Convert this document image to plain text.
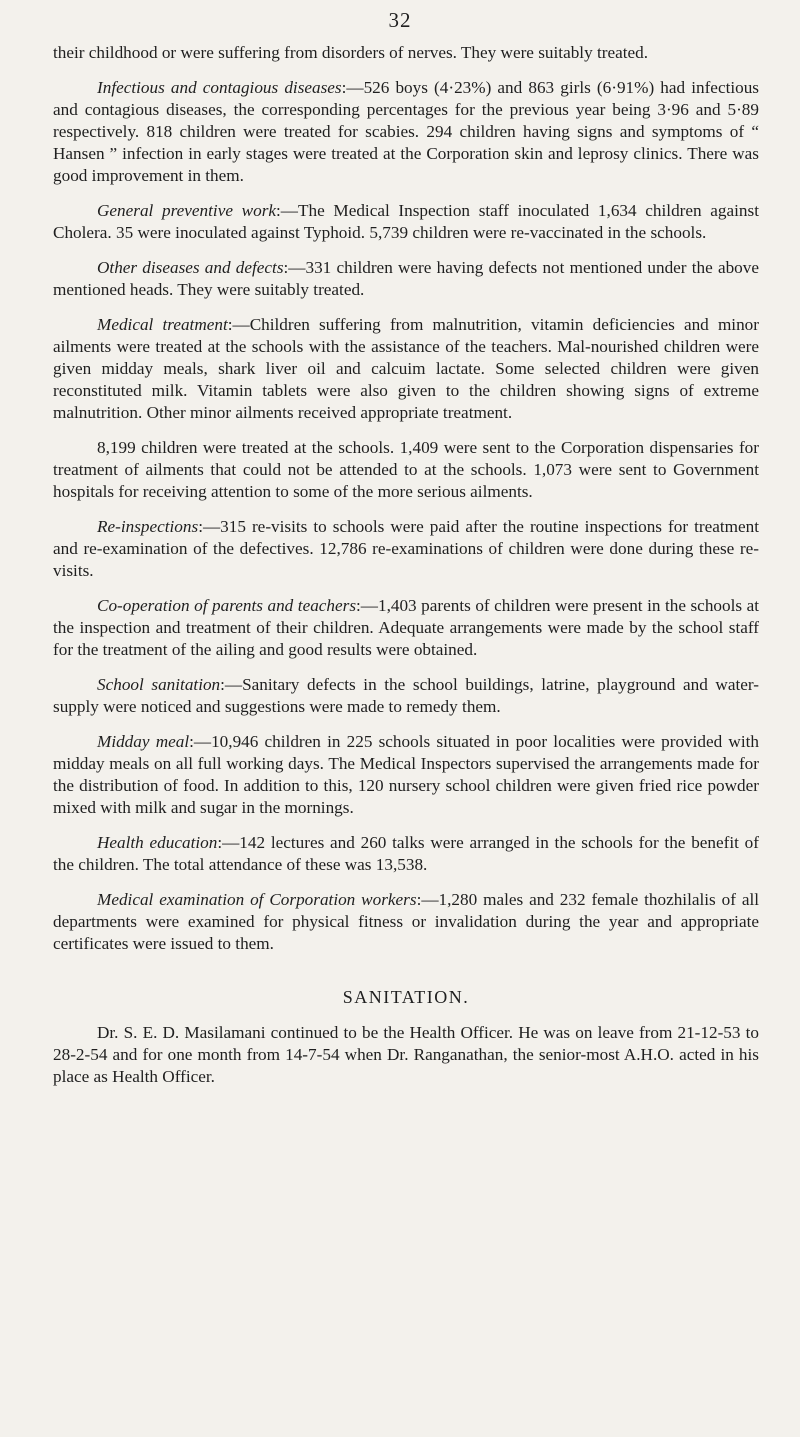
32

their childhood or were suffering from disorders of nerves. They were suitably treated.

Infectious and contagious diseases:—526 boys (4·23%) and 863 girls (6·91%) had infectious and contagious diseases, the corresponding percentages for the previous year being 3·96 and 5·89 respectively. 818 children were treated for scabies. 294 children having signs and symptoms of “ Hansen ” infection in early stages were treated at the Corporation skin and leprosy clinics. There was good improvement in them.

General preventive work:—The Medical Inspection staff inoculated 1,634 children against Cholera. 35 were inoculated against Typhoid. 5,739 children were re-vaccinated in the schools.

Other diseases and defects:—331 children were having defects not mentioned under the above mentioned heads. They were suitably treated.

Medical treatment:—Children suffering from malnutrition, vitamin deficiencies and minor ailments were treated at the schools with the assistance of the teachers. Mal-nourished children were given midday meals, shark liver oil and calcuim lactate. Some selected children were given reconstituted milk. Vitamin tablets were also given to the children showing signs of extreme malnutrition. Other minor ailments received appropriate treatment.

8,199 children were treated at the schools. 1,409 were sent to the Corporation dispensaries for treatment of ailments that could not be attended to at the schools. 1,073 were sent to Government hospitals for receiving attention to some of the more serious ailments.

Re-inspections:—315 re-visits to schools were paid after the routine inspections for treatment and re-examination of the defectives. 12,786 re-examinations of children were done during these re-visits.

Co-operation of parents and teachers:—1,403 parents of children were present in the schools at the inspection and treatment of their children. Adequate arrangements were made by the school staff for the treatment of the ailing and good results were obtained.

School sanitation:—Sanitary defects in the school buildings, latrine, playground and water-supply were noticed and suggestions were made to remedy them.

Midday meal:—10,946 children in 225 schools situated in poor localities were provided with midday meals on all full working days. The Medical Inspectors supervised the arrangements made for the distribution of food. In addition to this, 120 nursery school children were given fried rice powder mixed with milk and sugar in the mornings.

Health education:—142 lectures and 260 talks were arranged in the schools for the benefit of the children. The total attendance of these was 13,538.

Medical examination of Corporation workers:—1,280 males and 232 female thozhilalis of all departments were examined for physical fitness or invalidation during the year and appropriate certificates were issued to them.

SANITATION.

Dr. S. E. D. Masilamani continued to be the Health Officer. He was on leave from 21-12-53 to 28-2-54 and for one month from 14-7-54 when Dr. Ranganathan, the senior-most A.H.O. acted in his place as Health Officer.
